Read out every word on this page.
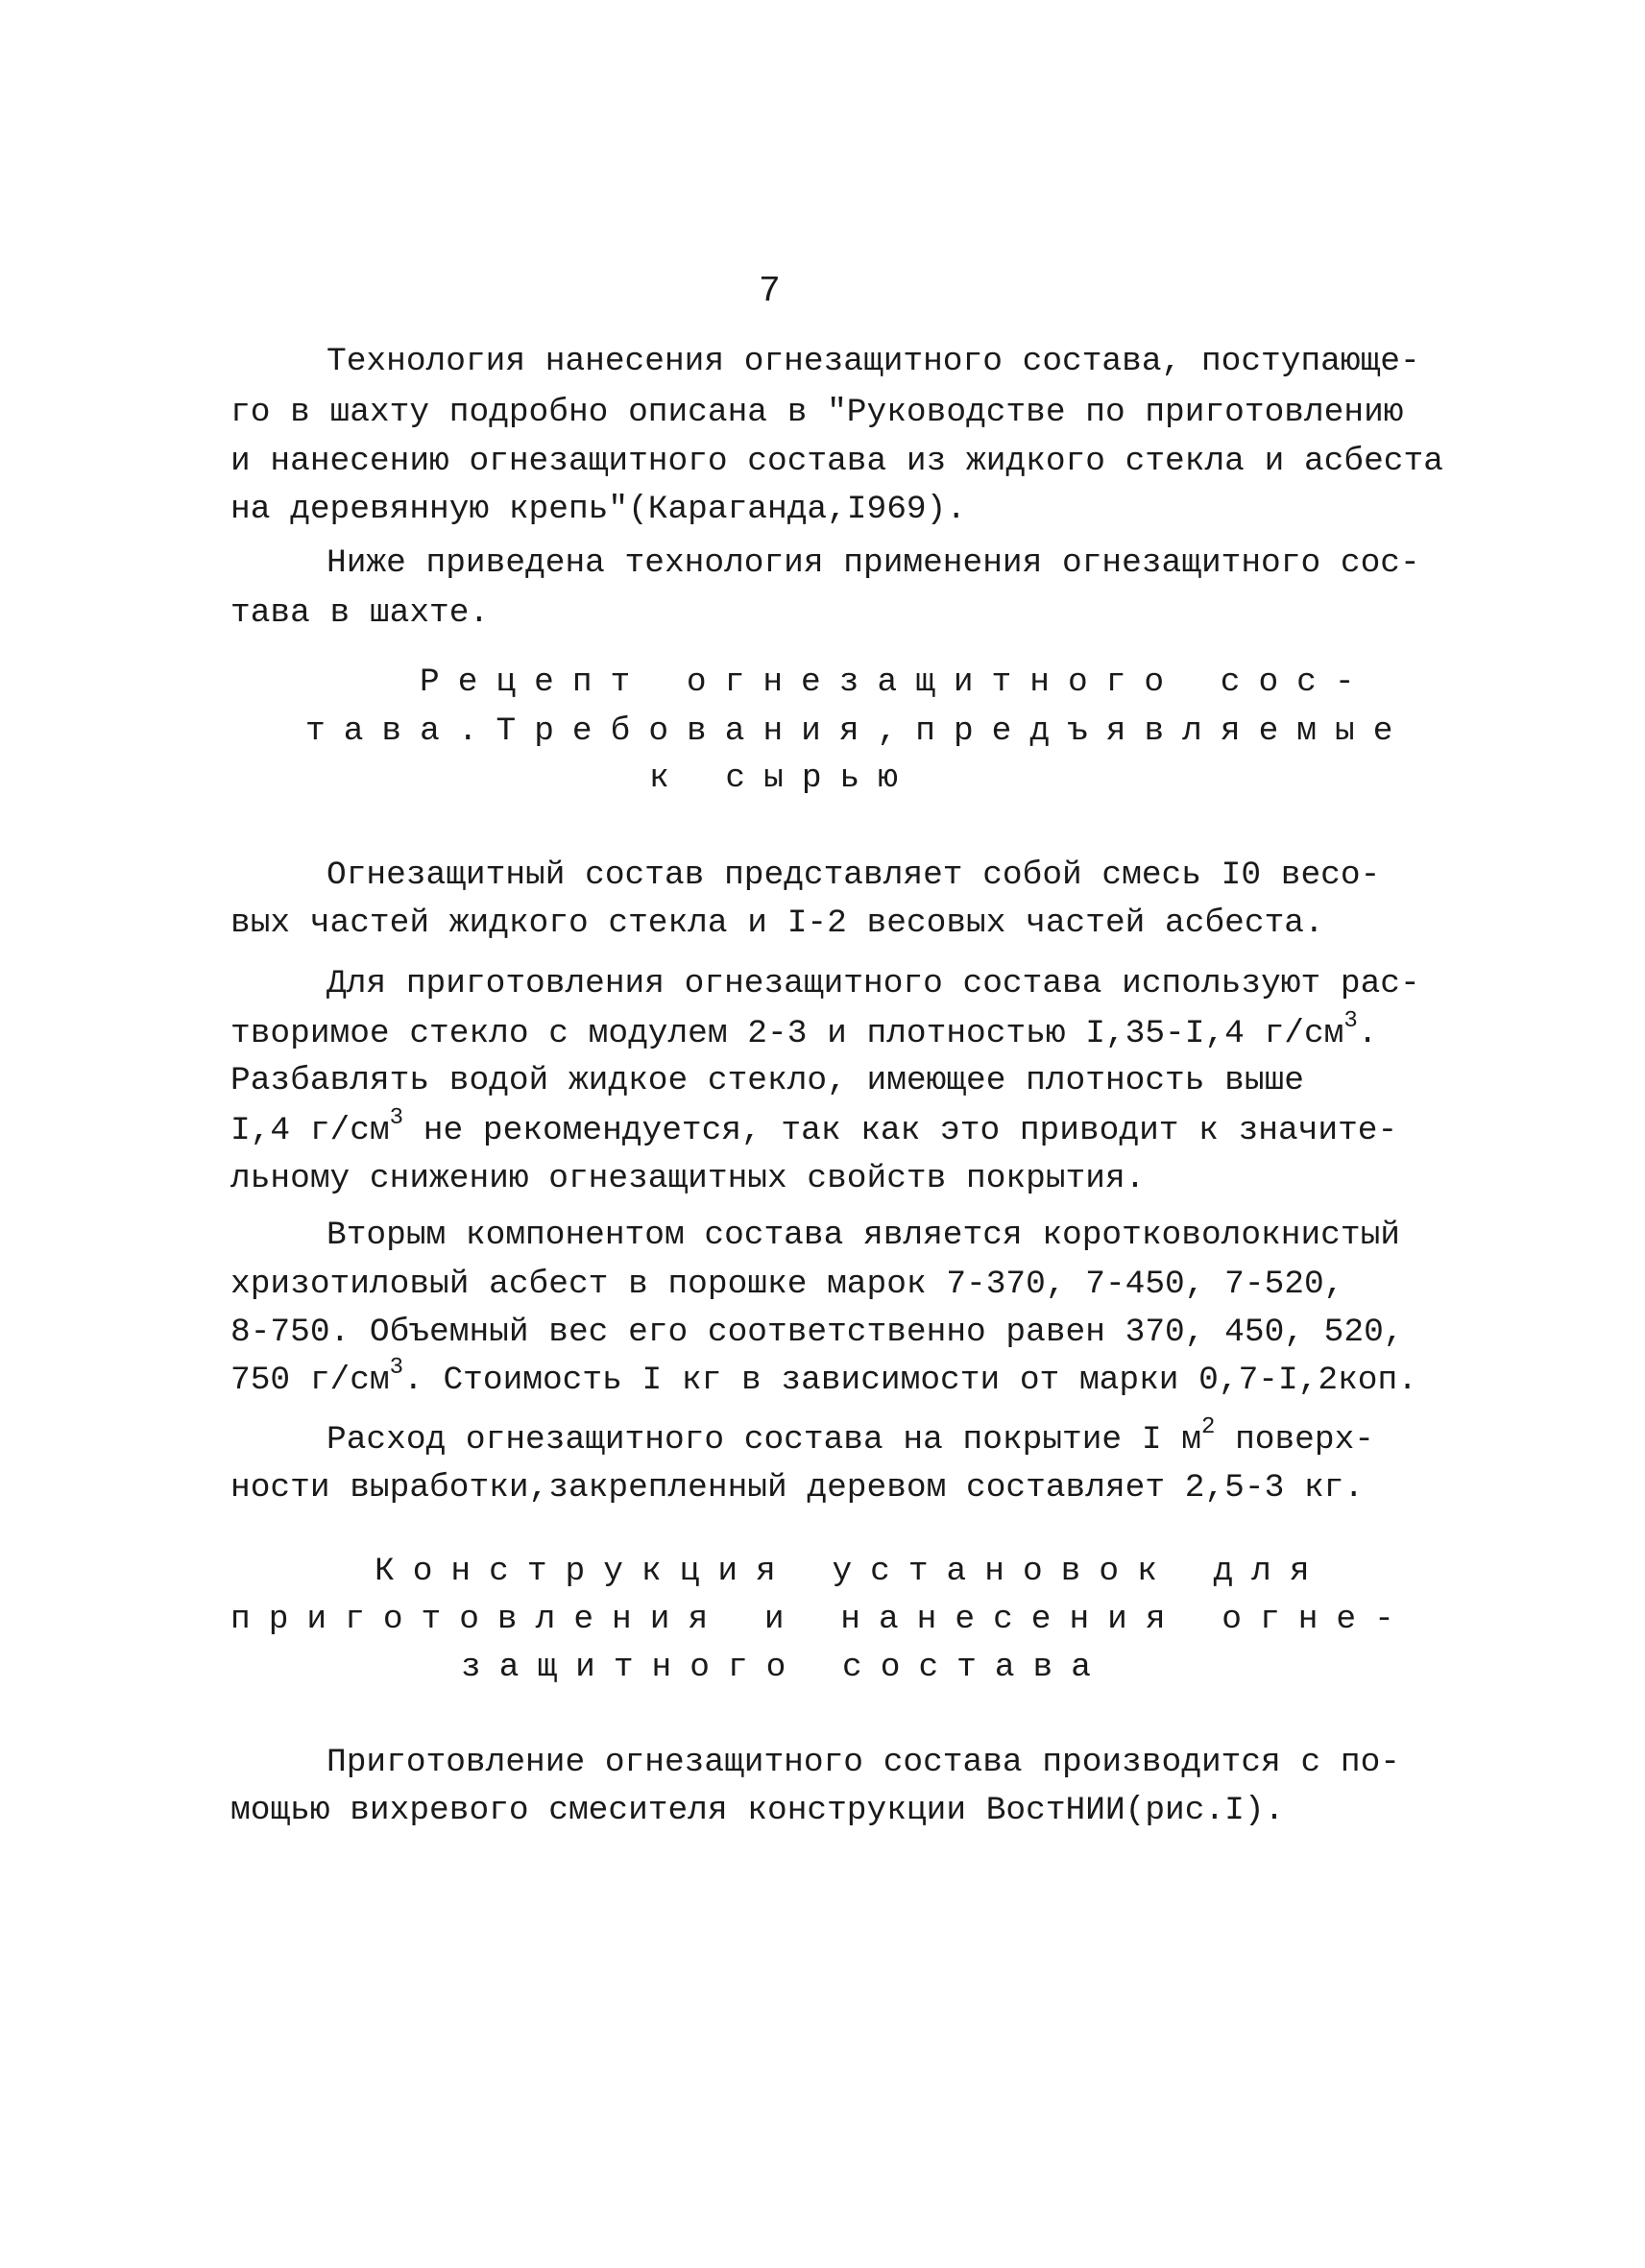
7
Технология нанесения огнезащитного состава, поступающе-
го в шахту подробно описана в "Руководстве по приготовлению
и нанесению огнезащитного состава из жидкого стекла и асбеста
на деревянную крепь"(Караганда,I969).
Ниже приведена технология применения огнезащитного сос-
тава в шахте.
Рецепт огнезащитного сос-
тава.Требования,предъявляемые
к сырью
Огнезащитный состав представляет собой смесь I0 весо-
вых частей жидкого стекла и I-2 весовых частей асбеста.
Для приготовления огнезащитного состава используют рас-
творимое стекло с модулем 2-3 и плотностью I,35-I,4 $г/см^3$.
Разбавлять водой жидкое стекло, имеющее плотность выше
I,4 $г/см^3$ не рекомендуется, так как это приводит к значите-
льному снижению огнезащитных свойств покрытия.
Вторым компонентом состава является коротковолокнистый
хризотиловый асбест в порошке марок 7-370, 7-450, 7-520,
8-750. Объемный вес его соответственно равен 370, 450, 520,
750 $г/см^3$. Стоимость I кг в зависимости от марки 0,7-I,2коп.
Расход огнезащитного состава на покрытие I $м^2$ поверх-
ности выработки,закрепленный деревом составляет 2,5-3 кг.
Конструкция установок для
приготовления и нанесения огне-
защитного состава
Приготовление огнезащитного состава производится с по-
мощью вихревого смесителя конструкции ВостНИИ(рис.I).
